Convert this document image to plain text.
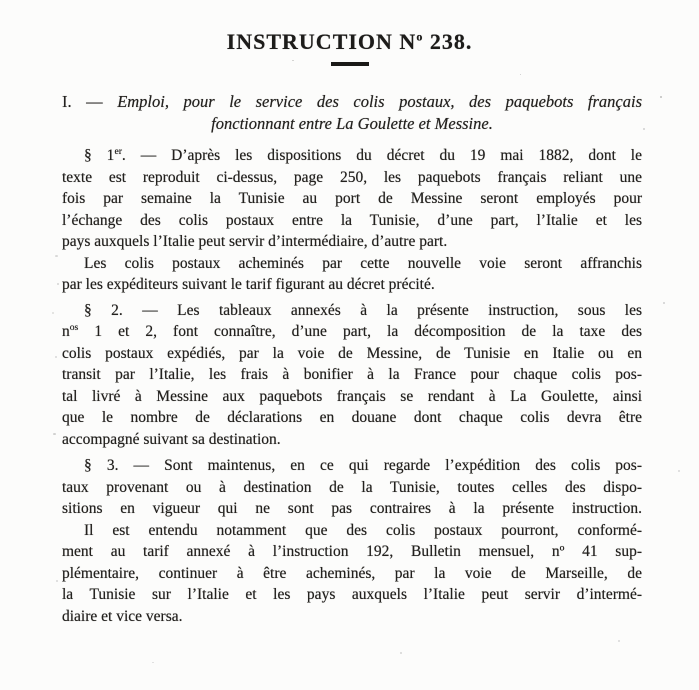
INSTRUCTION $N^o$ 238.
I. — Emploi, pour le service des colis postaux, des paquebots français
fonctionnant entre La Goulette et Messine.
§ 1er. — D’après les dispositions du décret du 19 mai 1882, dont le
texte est reproduit ci-dessus, page 250, les paquebots français reliant une
fois par semaine la Tunisie au port de Messine seront employés pour
l’échange des colis postaux entre la Tunisie, d’une part, l’Italie et les
pays auxquels l’Italie peut servir d’intermédiaire, d’autre part.
Les colis postaux acheminés par cette nouvelle voie seront affranchis
par les expéditeurs suivant le tarif figurant au décret précité.
§ 2. — Les tableaux annexés à la présente instruction, sous les
$n^{os}$ 1 et 2, font connaître, d’une part, la décomposition de la taxe des
colis postaux expédiés, par la voie de Messine, de Tunisie en Italie ou en
transit par l’Italie, les frais à bonifier à la France pour chaque colis pos-
tal livré à Messine aux paquebots français se rendant à La Goulette, ainsi
que le nombre de déclarations en douane dont chaque colis devra être
accompagné suivant sa destination.
§ 3. — Sont maintenus, en ce qui regarde l’expédition des colis pos-
taux provenant ou à destination de la Tunisie, toutes celles des dispo-
sitions en vigueur qui ne sont pas contraires à la présente instruction.
Il est entendu notamment que des colis postaux pourront, conformé-
ment au tarif annexé à l’instruction 192, Bulletin mensuel, nº 41 sup-
plémentaire, continuer à être acheminés, par la voie de Marseille, de
la Tunisie sur l’Italie et les pays auxquels l’Italie peut servir d’intermé-
diaire et vice versa.
